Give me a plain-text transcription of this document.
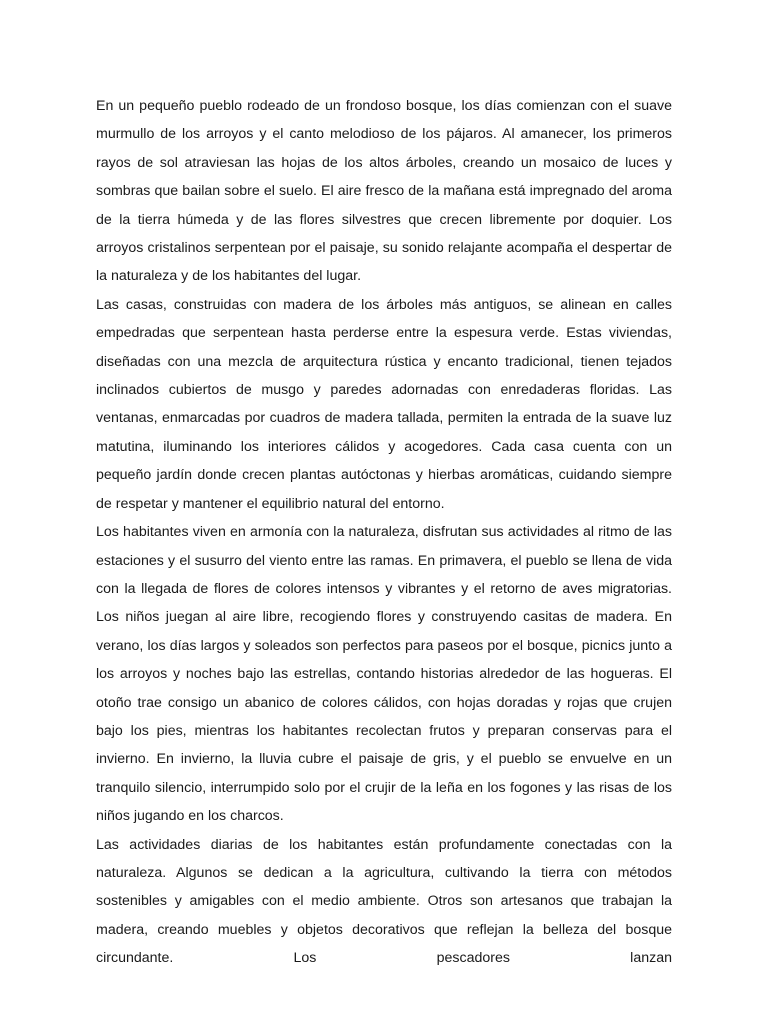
En un pequeño pueblo rodeado de un frondoso bosque, los días comienzan con el suave murmullo de los arroyos y el canto melodioso de los pájaros. Al amanecer, los primeros rayos de sol atraviesan las hojas de los altos árboles, creando un mosaico de luces y sombras que bailan sobre el suelo. El aire fresco de la mañana está impregnado del aroma de la tierra húmeda y de las flores silvestres que crecen libremente por doquier. Los arroyos cristalinos serpentean por el paisaje, su sonido relajante acompaña el despertar de la naturaleza y de los habitantes del lugar.

Las casas, construidas con madera de los árboles más antiguos, se alinean en calles empedradas que serpentean hasta perderse entre la espesura verde. Estas viviendas, diseñadas con una mezcla de arquitectura rústica y encanto tradicional, tienen tejados inclinados cubiertos de musgo y paredes adornadas con enredaderas floridas. Las ventanas, enmarcadas por cuadros de madera tallada, permiten la entrada de la suave luz matutina, iluminando los interiores cálidos y acogedores. Cada casa cuenta con un pequeño jardín donde crecen plantas autóctonas y hierbas aromáticas, cuidando siempre de respetar y mantener el equilibrio natural del entorno.

Los habitantes viven en armonía con la naturaleza, disfrutan sus actividades al ritmo de las estaciones y el susurro del viento entre las ramas. En primavera, el pueblo se llena de vida con la llegada de flores de colores intensos y vibrantes y el retorno de aves migratorias. Los niños juegan al aire libre, recogiendo flores y construyendo casitas de madera. En verano, los días largos y soleados son perfectos para paseos por el bosque, picnics junto a los arroyos y noches bajo las estrellas, contando historias alrededor de las hogueras. El otoño trae consigo un abanico de colores cálidos, con hojas doradas y rojas que crujen bajo los pies, mientras los habitantes recolectan frutos y preparan conservas para el invierno. En invierno, la lluvia cubre el paisaje de gris, y el pueblo se envuelve en un tranquilo silencio, interrumpido solo por el crujir de la leña en los fogones y las risas de los niños jugando en los charcos.

Las actividades diarias de los habitantes están profundamente conectadas con la naturaleza. Algunos se dedican a la agricultura, cultivando la tierra con métodos sostenibles y amigables con el medio ambiente. Otros son artesanos que trabajan la madera, creando muebles y objetos decorativos que reflejan la belleza del bosque circundante. Los pescadores lanzan
